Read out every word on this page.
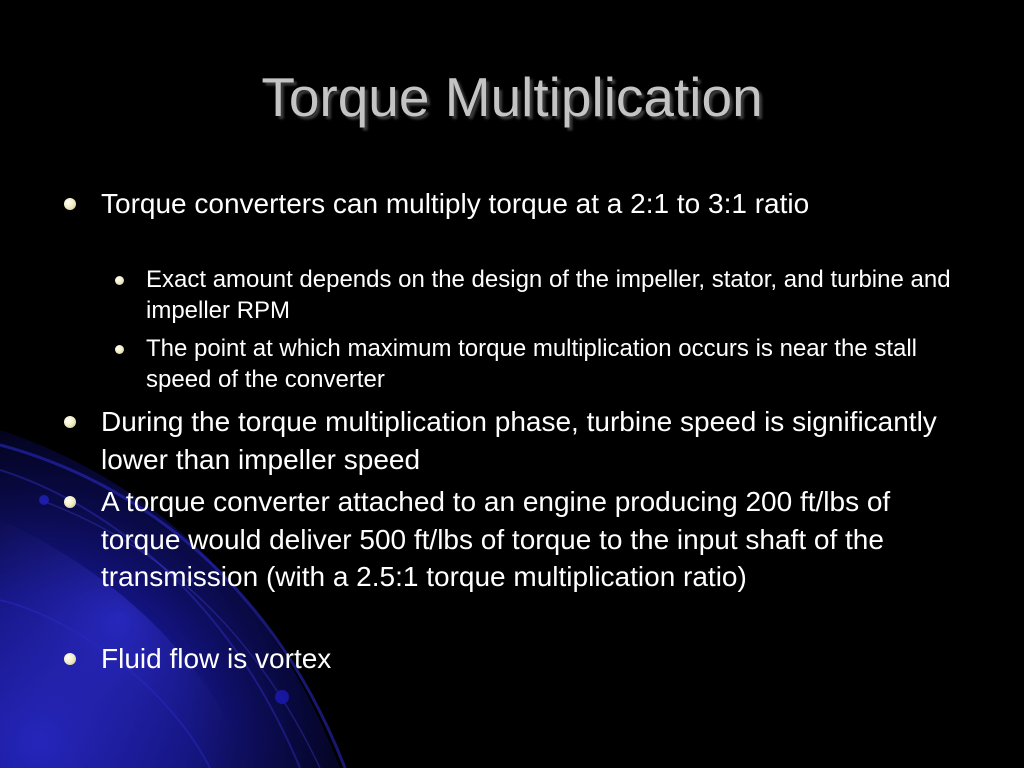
Torque Multiplication
Torque converters can multiply torque at a 2:1 to 3:1 ratio
Exact amount depends on the design of the impeller, stator, and turbine and impeller RPM
The point at which maximum torque multiplication occurs is near the stall speed of the converter
During the torque multiplication phase, turbine speed is significantly lower than impeller speed
A torque converter attached to an engine producing 200 ft/lbs of torque would deliver 500 ft/lbs of torque to the input shaft of the transmission (with a 2.5:1 torque multiplication ratio)
Fluid flow is vortex
